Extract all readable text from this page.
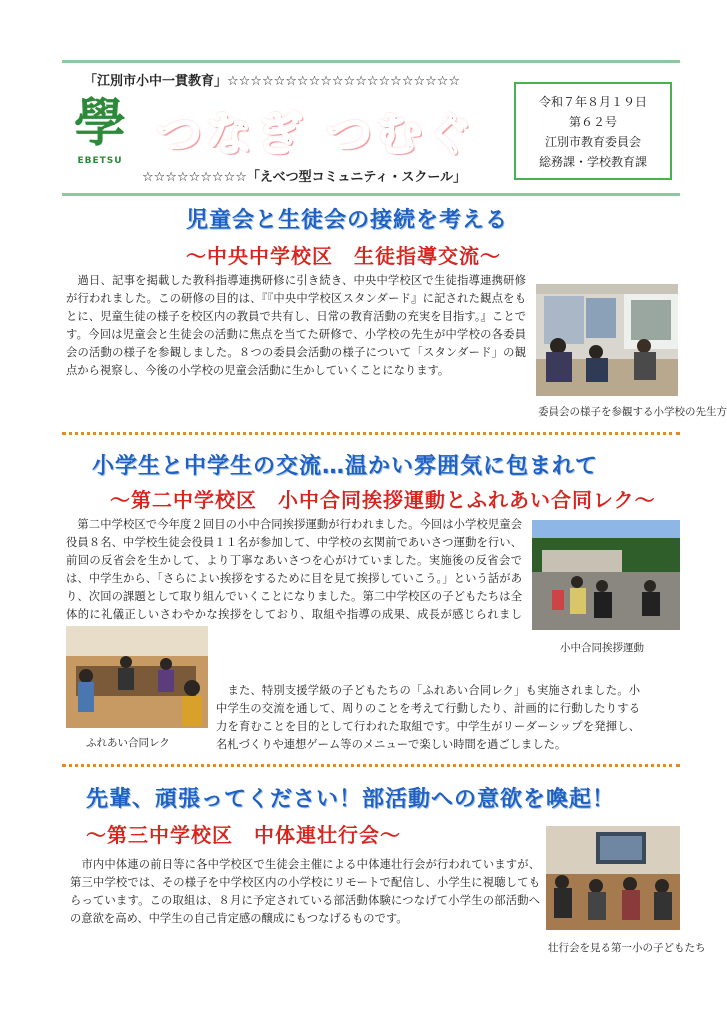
「江別市小中一貫教育」☆☆☆☆☆☆☆☆☆☆☆☆☆☆☆☆☆☆☆☆
學
EBETSU つなぎ つむぐ
☆☆☆☆☆☆☆☆☆「えべつ型コミュニティ・スクール」
令和７年８月１９日
第６２号
江別市教育委員会
総務課・学校教育課
児童会と生徒会の接続を考える
～中央中学校区　生徒指導交流～
　過日、記事を掲載した教科指導連携研修に引き続き、中央中学校区で生徒指導連携研修が行われました。この研修の目的は、『『中央中学校区スタンダード』に記された観点をもとに、児童生徒の様子を校区内の教員で共有し、日常の教育活動の充実を目指す。』ことです。今回は児童会と生徒会の活動に焦点を当てた研修で、小学校の先生が中学校の各委員会の活動の様子を参観しました。８つの委員会活動の様子について「スタンダード」の観点から視察し、今後の小学校の児童会活動に生かしていくことになります。
委員会の様子を参観する小学校の先生方
小学生と中学生の交流…温かい雰囲気に包まれて
～第二中学校区　小中合同挨拶運動とふれあい合同レク～
　第二中学校区で今年度２回目の小中合同挨拶運動が行われました。今回は小学校児童会役員８名、中学校生徒会役員１１名が参加して、中学校の玄関前であいさつ運動を行い、前回の反省会を生かして、より丁寧なあいさつを心がけていました。実施後の反省会では、中学生から、「さらによい挨拶をするために目を見て挨拶していこう。」という話があり、次回の課題として取り組んでいくことになりました。第二中学校区の子どもたちは全体的に礼儀正しいさわやかな挨拶をしており、取組や指導の成果、成長が感じられまし
小中合同挨拶運動
ふれあい合同レク
　また、特別支援学級の子どもたちの「ふれあい合同レク」も実施されました。小中学生の交流を通して、周りのことを考えて行動したり、計画的に行動したりする力を育むことを目的として行われた取組です。中学生がリーダーシップを発揮し、名札づくりや連想ゲーム等のメニューで楽しい時間を過ごしました。
先輩、頑張ってください！部活動への意欲を喚起！
～第三中学校区　中体連壮行会～
　市内中体連の前日等に各中学校区で生徒会主催による中体連壮行会が行われていますが、第三中学校では、その様子を中学校区内の小学校にリモートで配信し、小学生に視聴してもらっています。この取組は、８月に予定されている部活動体験につなげて小学生の部活動への意欲を高め、中学生の自己肯定感の醸成にもつなげるものです。
壮行会を見る第一小の子どもたち
